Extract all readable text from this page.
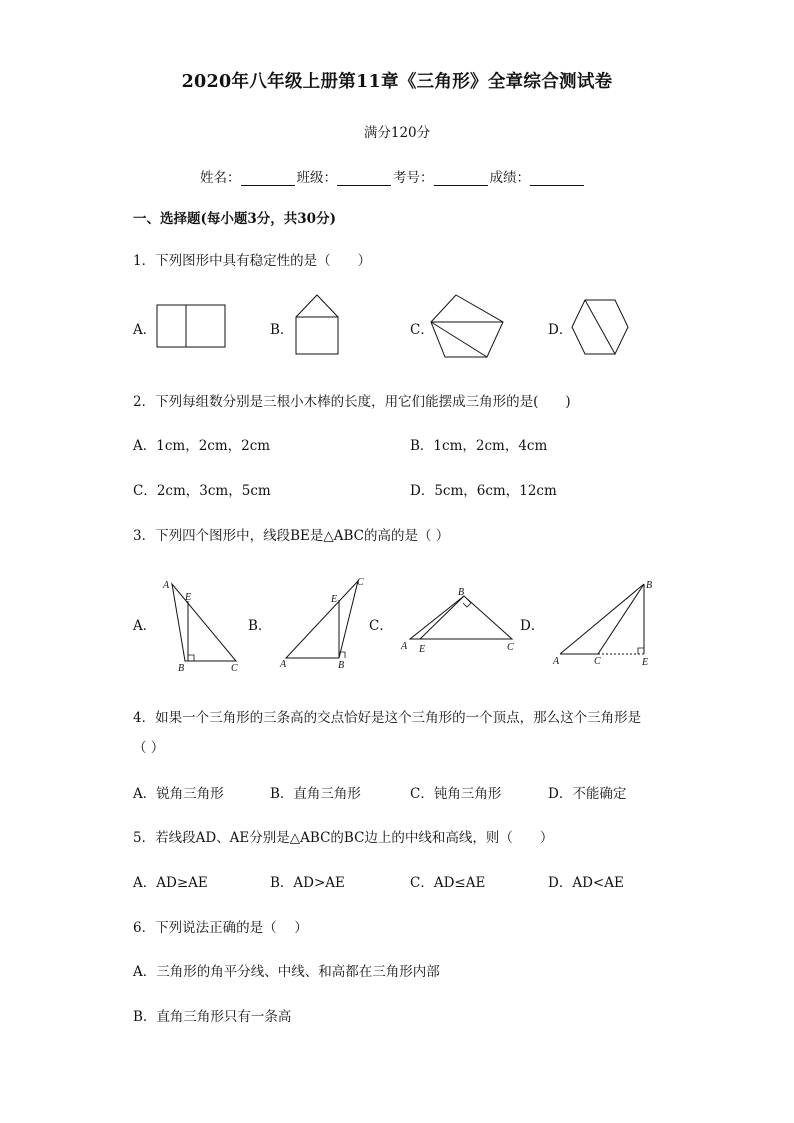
2020年八年级上册第11章《三角形》全章综合测试卷
满分120分
姓名：	班级：	考号：	成绩：
一、选择题(每小题3分，共30分)
1．下列图形中具有稳定性的是（　　）
A．	B．	C．	D．
2．下列每组数分别是三根小木棒的长度，用它们能摆成三角形的是(　　)
A．1cm，2cm，2cm	B．1cm，2cm，4cm
C．2cm，3cm，5cm	D．5cm，6cm，12cm
3．下列四个图形中，线段BE是△ABC的高的是（ ）
A．
A
E
B	C
B．
C
E
A	B
C．
B
A E	C
D．
B
A	C	E
4．如果一个三角形的三条高的交点恰好是这个三角形的一个顶点，那么这个三角形是
（ ）
A．锐角三角形	B．直角三角形	C．钝角三角形	D．不能确定
5．若线段AD、AE分别是△ABC的BC边上的中线和高线，则（　　）
A．AD≥AE	B．AD>AE	C．AD≤AE	D．AD<AE
6．下列说法正确的是（　 ）
A．三角形的角平分线、中线、和高都在三角形内部
B．直角三角形只有一条高
